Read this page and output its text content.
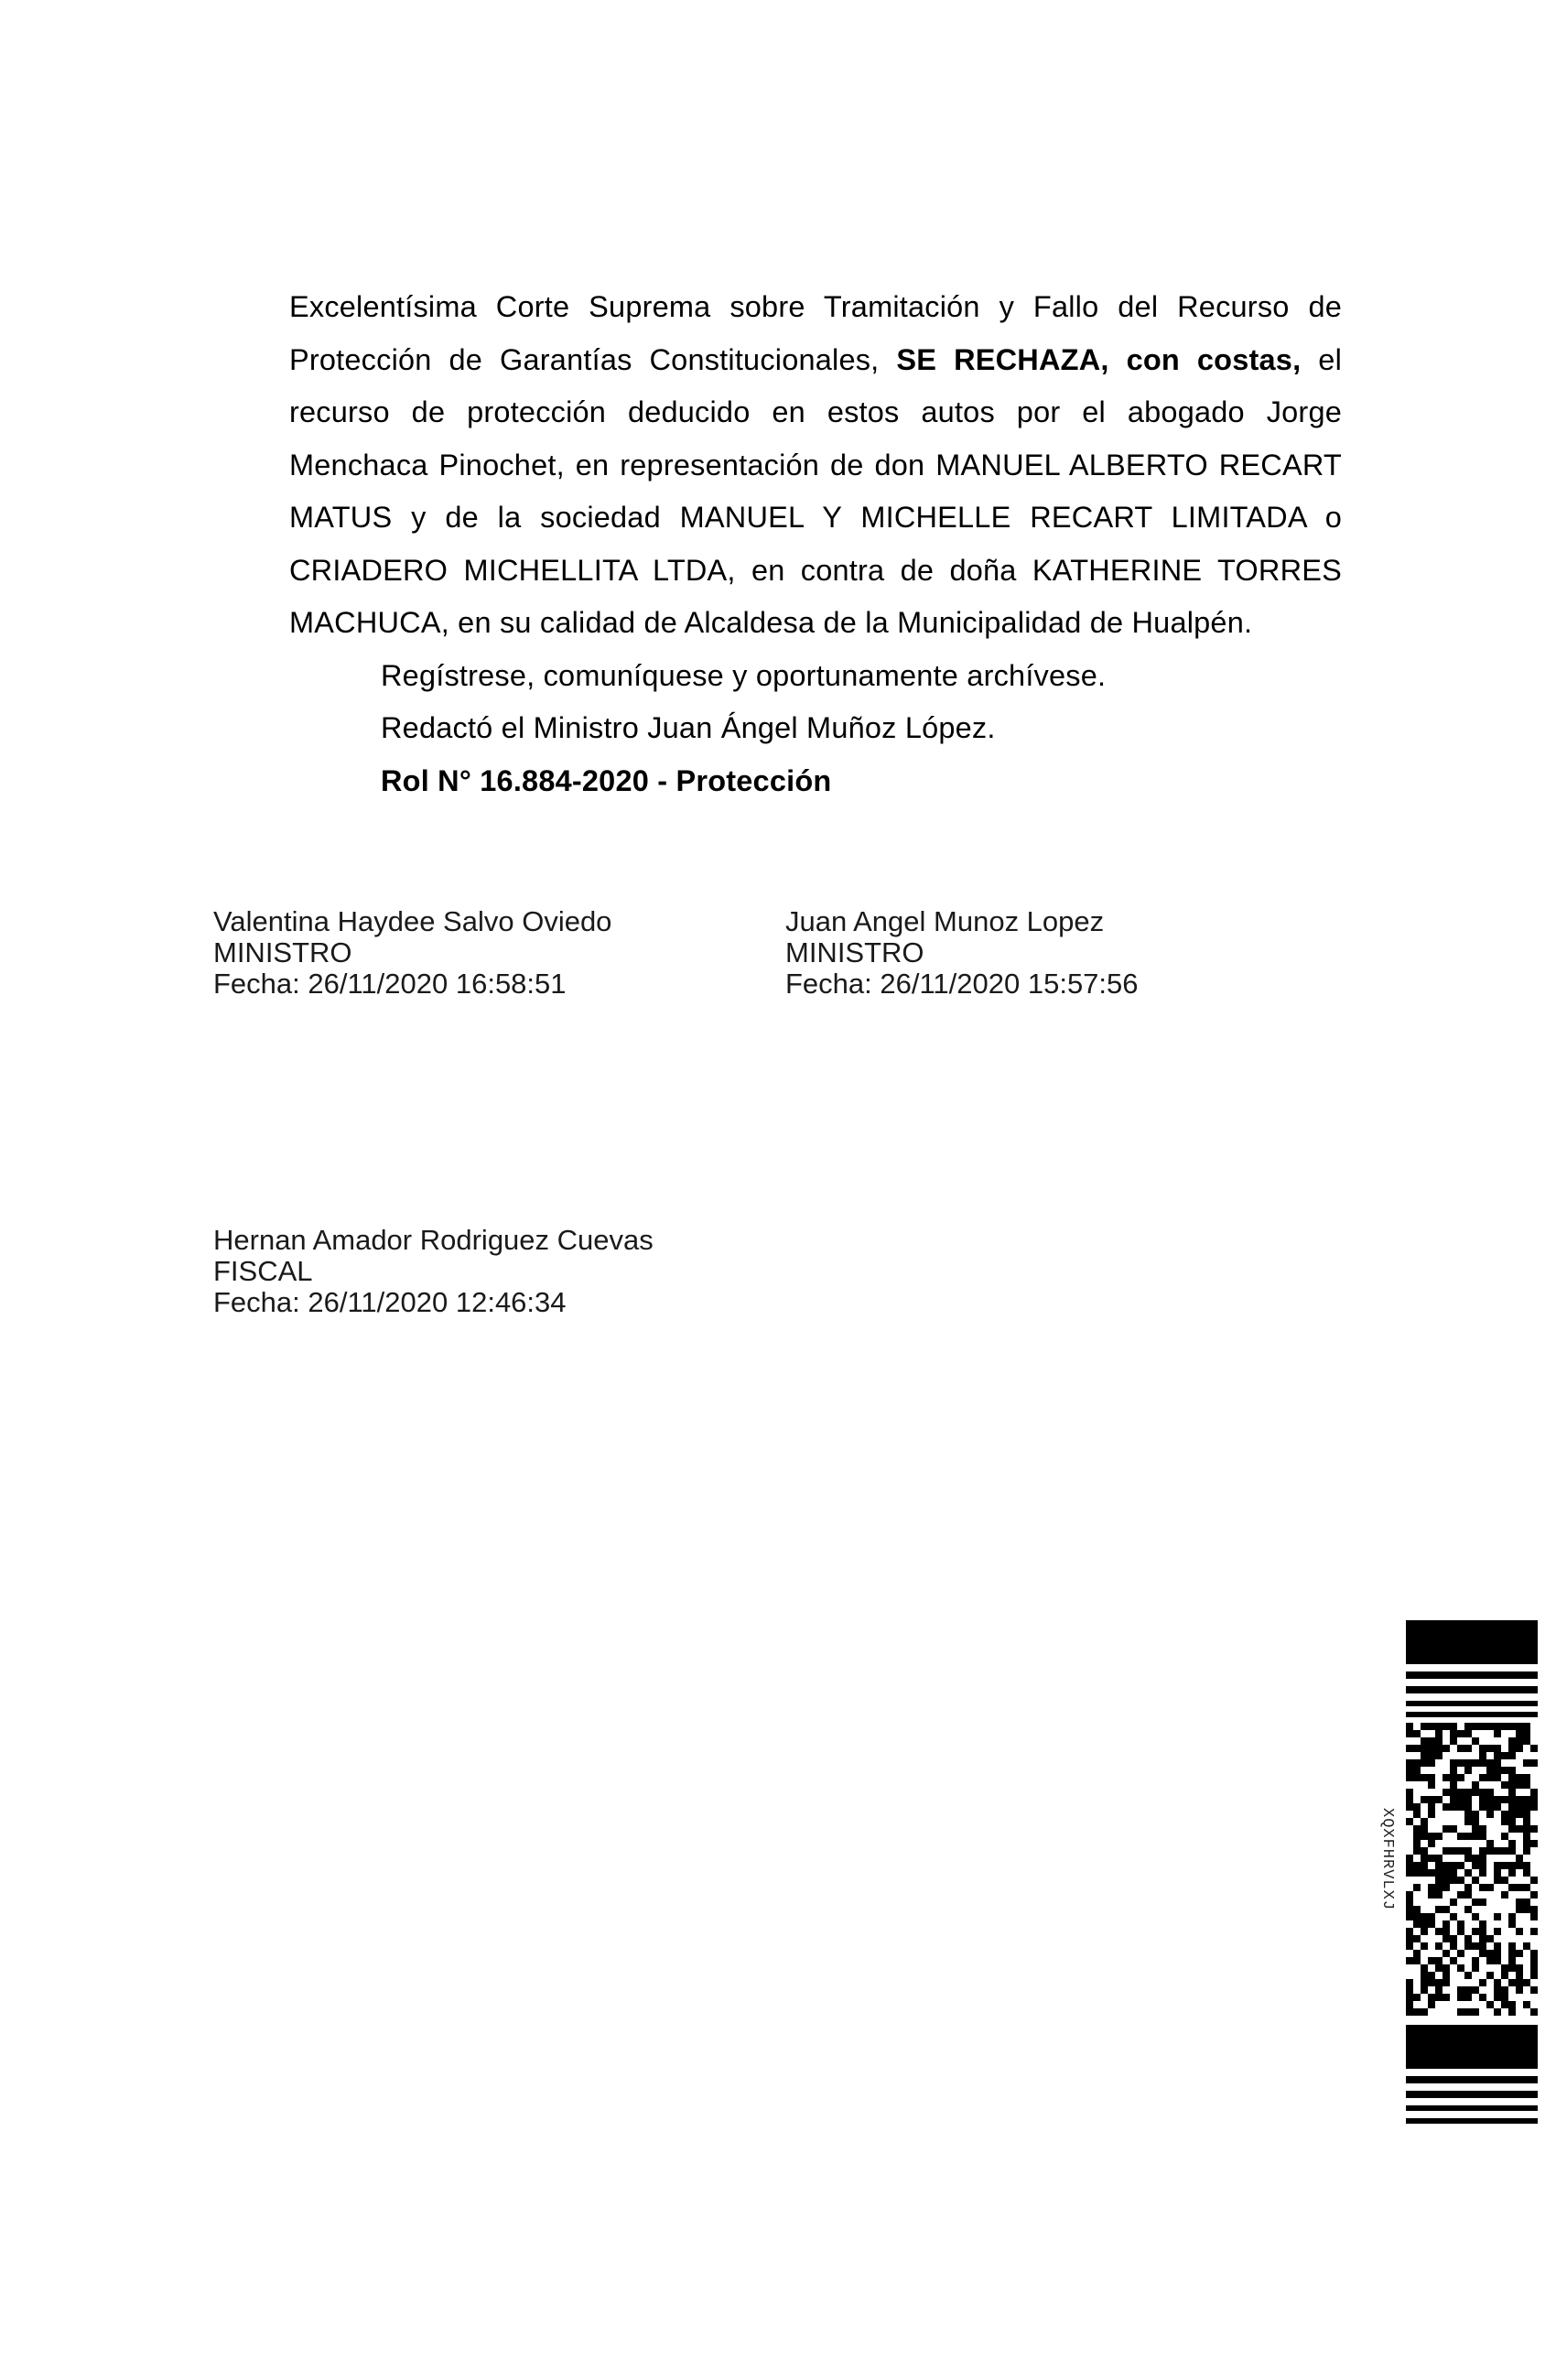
Excelentísima Corte Suprema sobre Tramitación y Fallo del Recurso de Protección de Garantías Constitucionales, SE RECHAZA, con costas, el recurso de protección deducido en estos autos por el abogado Jorge Menchaca Pinochet, en representación de don MANUEL ALBERTO RECART MATUS y de la sociedad MANUEL Y MICHELLE RECART LIMITADA o CRIADERO MICHELLITA LTDA, en contra de doña KATHERINE TORRES MACHUCA, en su calidad de Alcaldesa de la Municipalidad de Hualpén.

Regístrese, comuníquese y oportunamente archívese.

Redactó el Ministro Juan Ángel Muñoz López.

Rol N° 16.884-2020 - Protección

Valentina Haydee Salvo Oviedo
MINISTRO
Fecha: 26/11/2020 16:58:51
Juan Angel Munoz Lopez
MINISTRO
Fecha: 26/11/2020 15:57:56
Hernan Amador Rodriguez Cuevas
FISCAL
Fecha: 26/11/2020 12:46:34
XQXFHRVLXJ
